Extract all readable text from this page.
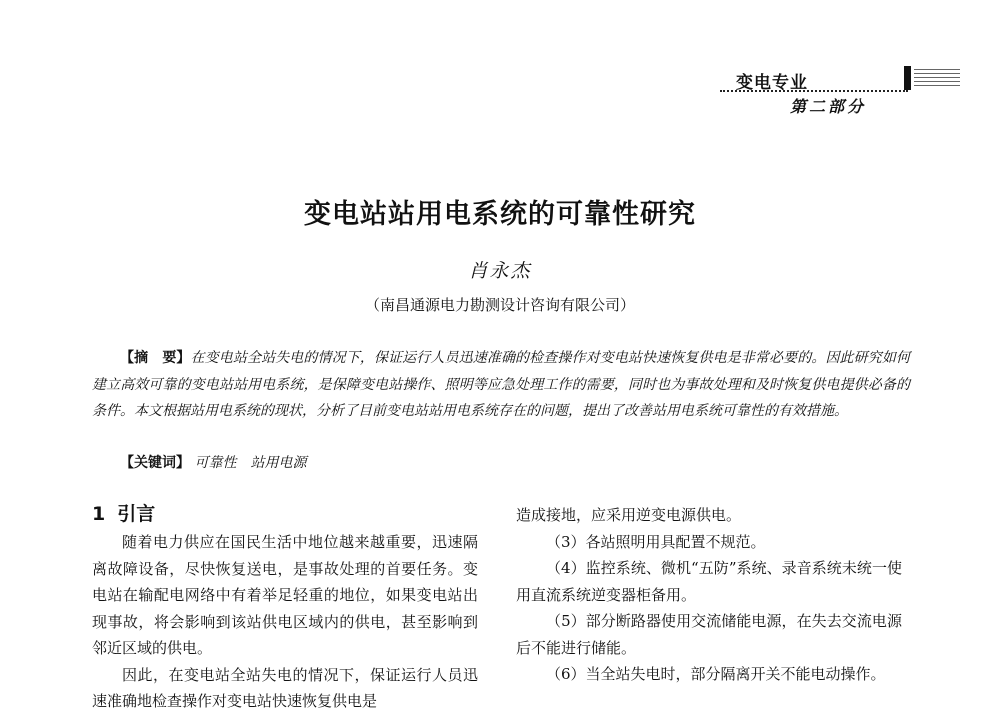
变电专业
第二部分
变电站站用电系统的可靠性研究
肖永杰
（南昌通源电力勘测设计咨询有限公司）
【摘　要】在变电站全站失电的情况下，保证运行人员迅速准确的检查操作对变电站快速恢复供电是非常必要的。因此研究如何建立高效可靠的变电站站用电系统，是保障变电站操作、照明等应急处理工作的需要，同时也为事故处理和及时恢复供电提供必备的条件。本文根据站用电系统的现状，分析了目前变电站站用电系统存在的问题，提出了改善站用电系统可靠性的有效措施。
【关键词】 可靠性 站用电源
1 引言

随着电力供应在国民生活中地位越来越重要，迅速隔离故障设备，尽快恢复送电，是事故处理的首要任务。变电站在输配电网络中有着举足轻重的地位，如果变电站出现事故，将会影响到该站供电区域内的供电，甚至影响到邻近区域的供电。

因此，在变电站全站失电的情况下，保证运行人员迅速准确地检查操作对变电站快速恢复供电是

造成接地，应采用逆变电源供电。

（3）各站照明用具配置不规范。

（4）监控系统、微机“五防”系统、录音系统未统一使用直流系统逆变器柜备用。

（5）部分断路器使用交流储能电源，在失去交流电源后不能进行储能。

（6）当全站失电时，部分隔离开关不能电动操作。
